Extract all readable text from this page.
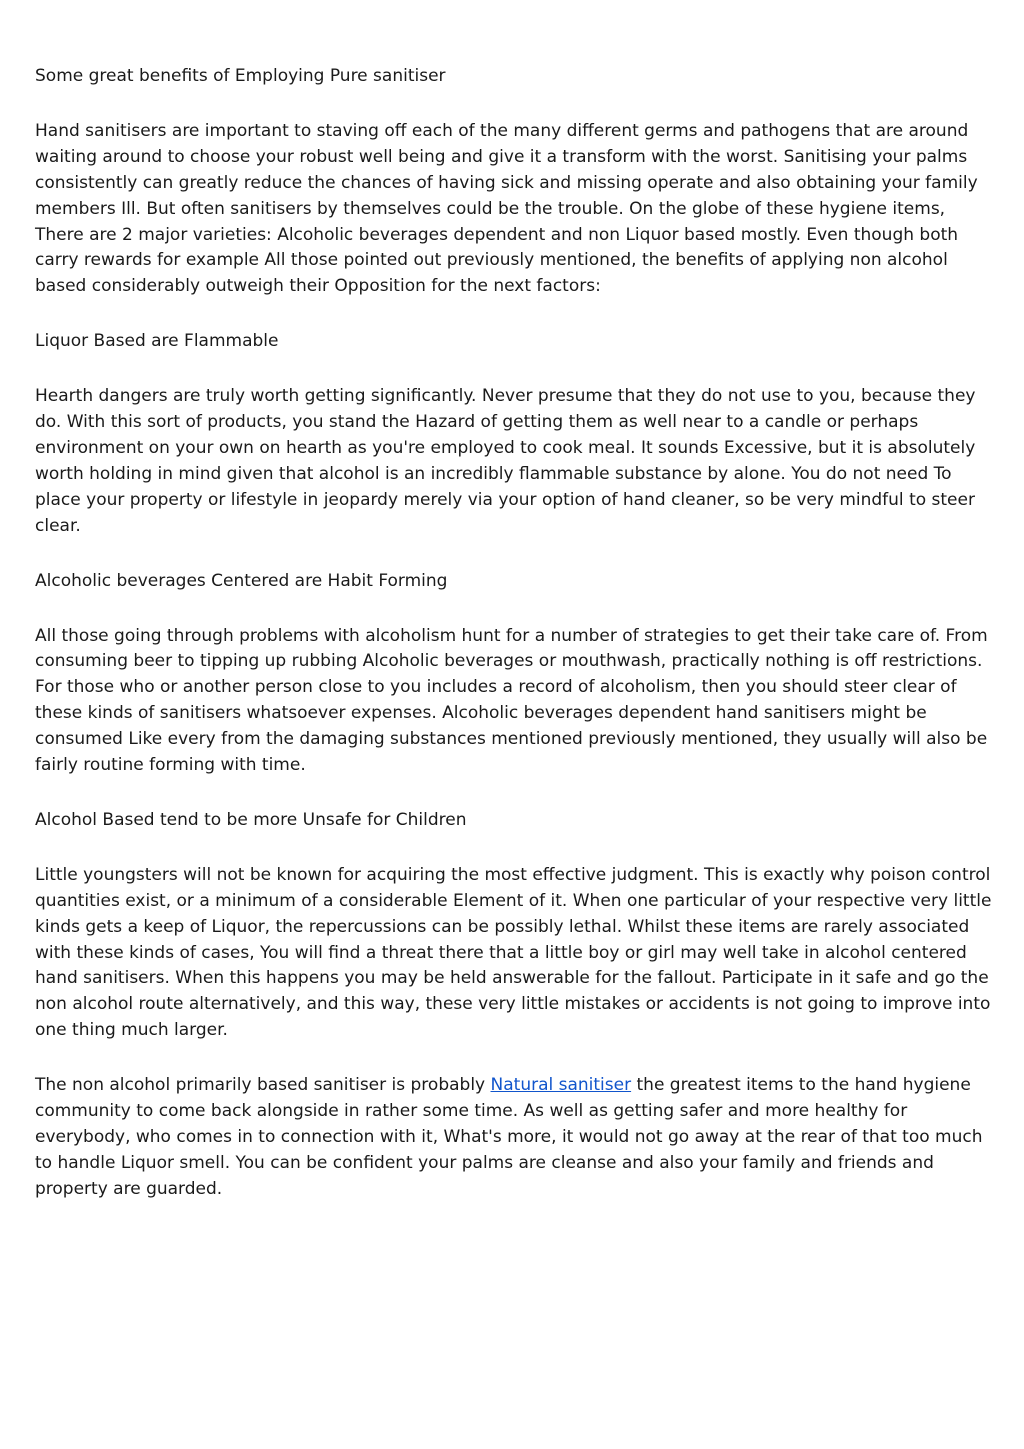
Some great benefits of Employing Pure sanitiser

Hand sanitisers are important to staving off each of the many different germs and pathogens that are around waiting around to choose your robust well being and give it a transform with the worst. Sanitising your palms consistently can greatly reduce the chances of having sick and missing operate and also obtaining your family members Ill. But often sanitisers by themselves could be the trouble. On the globe of these hygiene items, There are 2 major varieties: Alcoholic beverages dependent and non Liquor based mostly. Even though both carry rewards for example All those pointed out previously mentioned, the benefits of applying non alcohol based considerably outweigh their Opposition for the next factors:

Liquor Based are Flammable

Hearth dangers are truly worth getting significantly. Never presume that they do not use to you, because they do. With this sort of products, you stand the Hazard of getting them as well near to a candle or perhaps environment on your own on hearth as you're employed to cook meal. It sounds Excessive, but it is absolutely worth holding in mind given that alcohol is an incredibly flammable substance by alone. You do not need To place your property or lifestyle in jeopardy merely via your option of hand cleaner, so be very mindful to steer clear.

Alcoholic beverages Centered are Habit Forming

All those going through problems with alcoholism hunt for a number of strategies to get their take care of. From consuming beer to tipping up rubbing Alcoholic beverages or mouthwash, practically nothing is off restrictions. For those who or another person close to you includes a record of alcoholism, then you should steer clear of these kinds of sanitisers whatsoever expenses. Alcoholic beverages dependent hand sanitisers might be consumed Like every from the damaging substances mentioned previously mentioned, they usually will also be fairly routine forming with time.

Alcohol Based tend to be more Unsafe for Children

Little youngsters will not be known for acquiring the most effective judgment. This is exactly why poison control quantities exist, or a minimum of a considerable Element of it. When one particular of your respective very little kinds gets a keep of Liquor, the repercussions can be possibly lethal. Whilst these items are rarely associated with these kinds of cases, You will find a threat there that a little boy or girl may well take in alcohol centered hand sanitisers. When this happens you may be held answerable for the fallout. Participate in it safe and go the non alcohol route alternatively, and this way, these very little mistakes or accidents is not going to improve into one thing much larger.

The non alcohol primarily based sanitiser is probably Natural sanitiser the greatest items to the hand hygiene community to come back alongside in rather some time. As well as getting safer and more healthy for everybody, who comes in to connection with it, What's more, it would not go away at the rear of that too much to handle Liquor smell. You can be confident your palms are cleanse and also your family and friends and property are guarded.
